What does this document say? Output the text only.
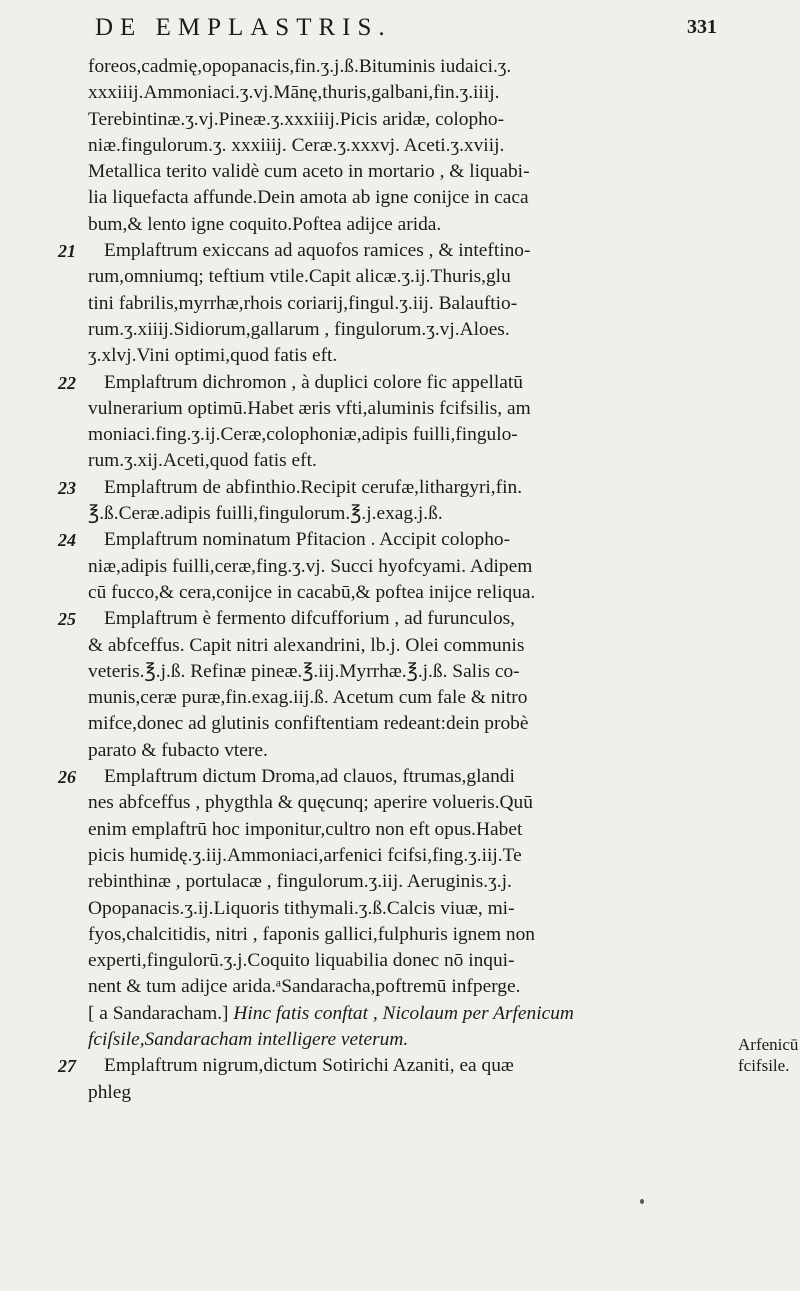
DE EMPLASTRIS.	331
foreos,cadmię,opopanacis,fin.ʒ.j.ß.Bituminis iudaici.ʒ.
xxxiiij.Ammoniaci.ʒ.vj.Mānę,thuris,galbani,fin.ʒ.iiij.
Terebintinæ.ʒ.vj.Pineæ.ʒ.xxxiiij.Picis aridæ, colopho-
niæ.fingulorum.ʒ. xxxiiij. Ceræ.ʒ.xxxvj. Aceti.ʒ.xviij.
Metallica terito validè cum aceto in mortario , & liquabi-
lia liquefacta affunde.Dein amota ab igne conijce in caca
bum,& lento igne coquito.Poftea adijce arida.
21 Emplaftrum exiccans ad aquofos ramices , & inteftino-
rum,omniumq; teftium vtile.Capit alicæ.ʒ.ij.Thuris,glu
tini fabrilis,myrrhæ,rhois coriarij,fingul.ʒ.iij. Balauftio-
rum.ʒ.xiiij.Sidiorum,gallarum , fingulorum.ʒ.vj.Aloes.
ʒ.xlvj.Vini optimi,quod fatis eft.
22 Emplaftrum dichromon , à duplici colore fic appellatū
vulnerarium optimū.Habet æris vfti,aluminis fcifsilis, am
moniaci.fing.ʒ.ij.Ceræ,colophoniæ,adipis fuilli,fingulo-
rum.ʒ.xij.Aceti,quod fatis eft.
23 Emplaftrum de abfinthio.Recipit cerufæ,lithargyri,fin.
℥.ß.Ceræ.adipis fuilli,fingulorum.℥.j.exag.j.ß.
24 Emplaftrum nominatum Pfitacion . Accipit colopho-
niæ,adipis fuilli,ceræ,fing.ʒ.vj. Succi hyofcyami. Adipem
cū fucco,& cera,conijce in cacabū,& poftea inijce reliqua.
25 Emplaftrum è fermento difcufforium , ad furunculos,
& abfceffus. Capit nitri alexandrini, lb.j. Olei communis
veteris.℥.j.ß. Refinæ pineæ.℥.iij.Myrrhæ.℥.j.ß. Salis co-
munis,ceræ puræ,fin.exag.iij.ß. Acetum cum fale & nitro
mifce,donec ad glutinis confiftentiam redeant:dein probè
parato & fubacto vtere.
26 Emplaftrum dictum Droma,ad clauos, ftrumas,glandi
nes abfceffus , phygthla & quęcunq; aperire volueris.Quū
enim emplaftrū hoc imponitur,cultro non eft opus.Habet
picis humidę.ʒ.iij.Ammoniaci,arfenici fcifsi,fing.ʒ.iij.Te
rebinthinæ , portulacæ , fingulorum.ʒ.iij. Aeruginis.ʒ.j.
Opopanacis.ʒ.ij.Liquoris tithymali.ʒ.ß.Calcis viuæ, mi-
fyos,chalcitidis, nitri , faponis gallici,fulphuris ignem non
experti,fingulorū.ʒ.j.Coquito liquabilia donec nō inqui-
nent & tum adijce arida.ᵃSandaracha,poftremū infperge.
[ a Sandaracham.] Hinc fatis conftat , Nicolaum per Arfenicum
fciſsile,Sandaracham intelligere veterum.
27 Emplaftrum nigrum,dictum Sotirichi Azaniti, ea quæ
phleg
Arfenicū
fcifsile.
